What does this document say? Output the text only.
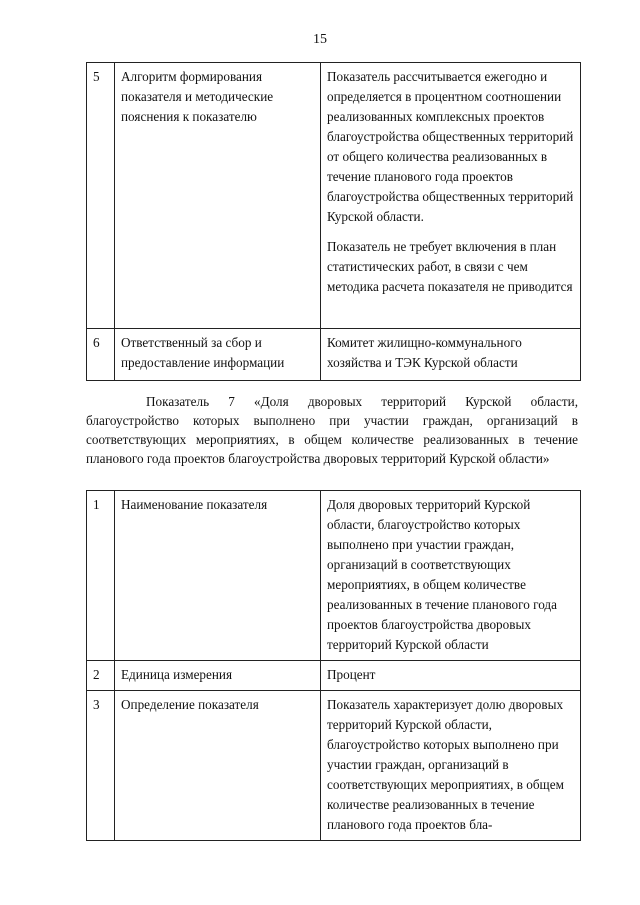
15
5	Алгоритм формирования показателя и методические пояснения к показателю	Показатель рассчитывается ежегодно и определяется в процентном соотношении реализованных комплексных проектов благоустройства общественных территорий от общего количества реализованных в течение планового года проектов благоустройства общественных территорий Курской области.

Показатель не требует включения в план статистических работ, в связи с чем методика расчета показателя не приводится

6	Ответственный за сбор и предоставление информации	Комитет жилищно-коммунального хозяйства и ТЭК Курской области

Показатель 7 «Доля дворовых территорий Курской области, благоустройство которых выполнено при участии граждан, организаций в соответствующих мероприятиях, в общем количестве реализованных в течение планового года проектов благоустройства дворовых территорий Курской области»

1	Наименование показателя	Доля дворовых территорий Курской области, благоустройство которых выполнено при участии граждан, организаций в соответствующих мероприятиях, в общем количестве реализованных в течение планового года проектов благоустройства дворовых территорий Курской области
2	Единица измерения	Процент
3	Определение показателя	Показатель характеризует долю дворовых территорий Курской области, благоустройство которых выполнено при участии граждан, организаций в соответствующих мероприятиях, в общем количестве реализованных в течение планового года проектов бла-
